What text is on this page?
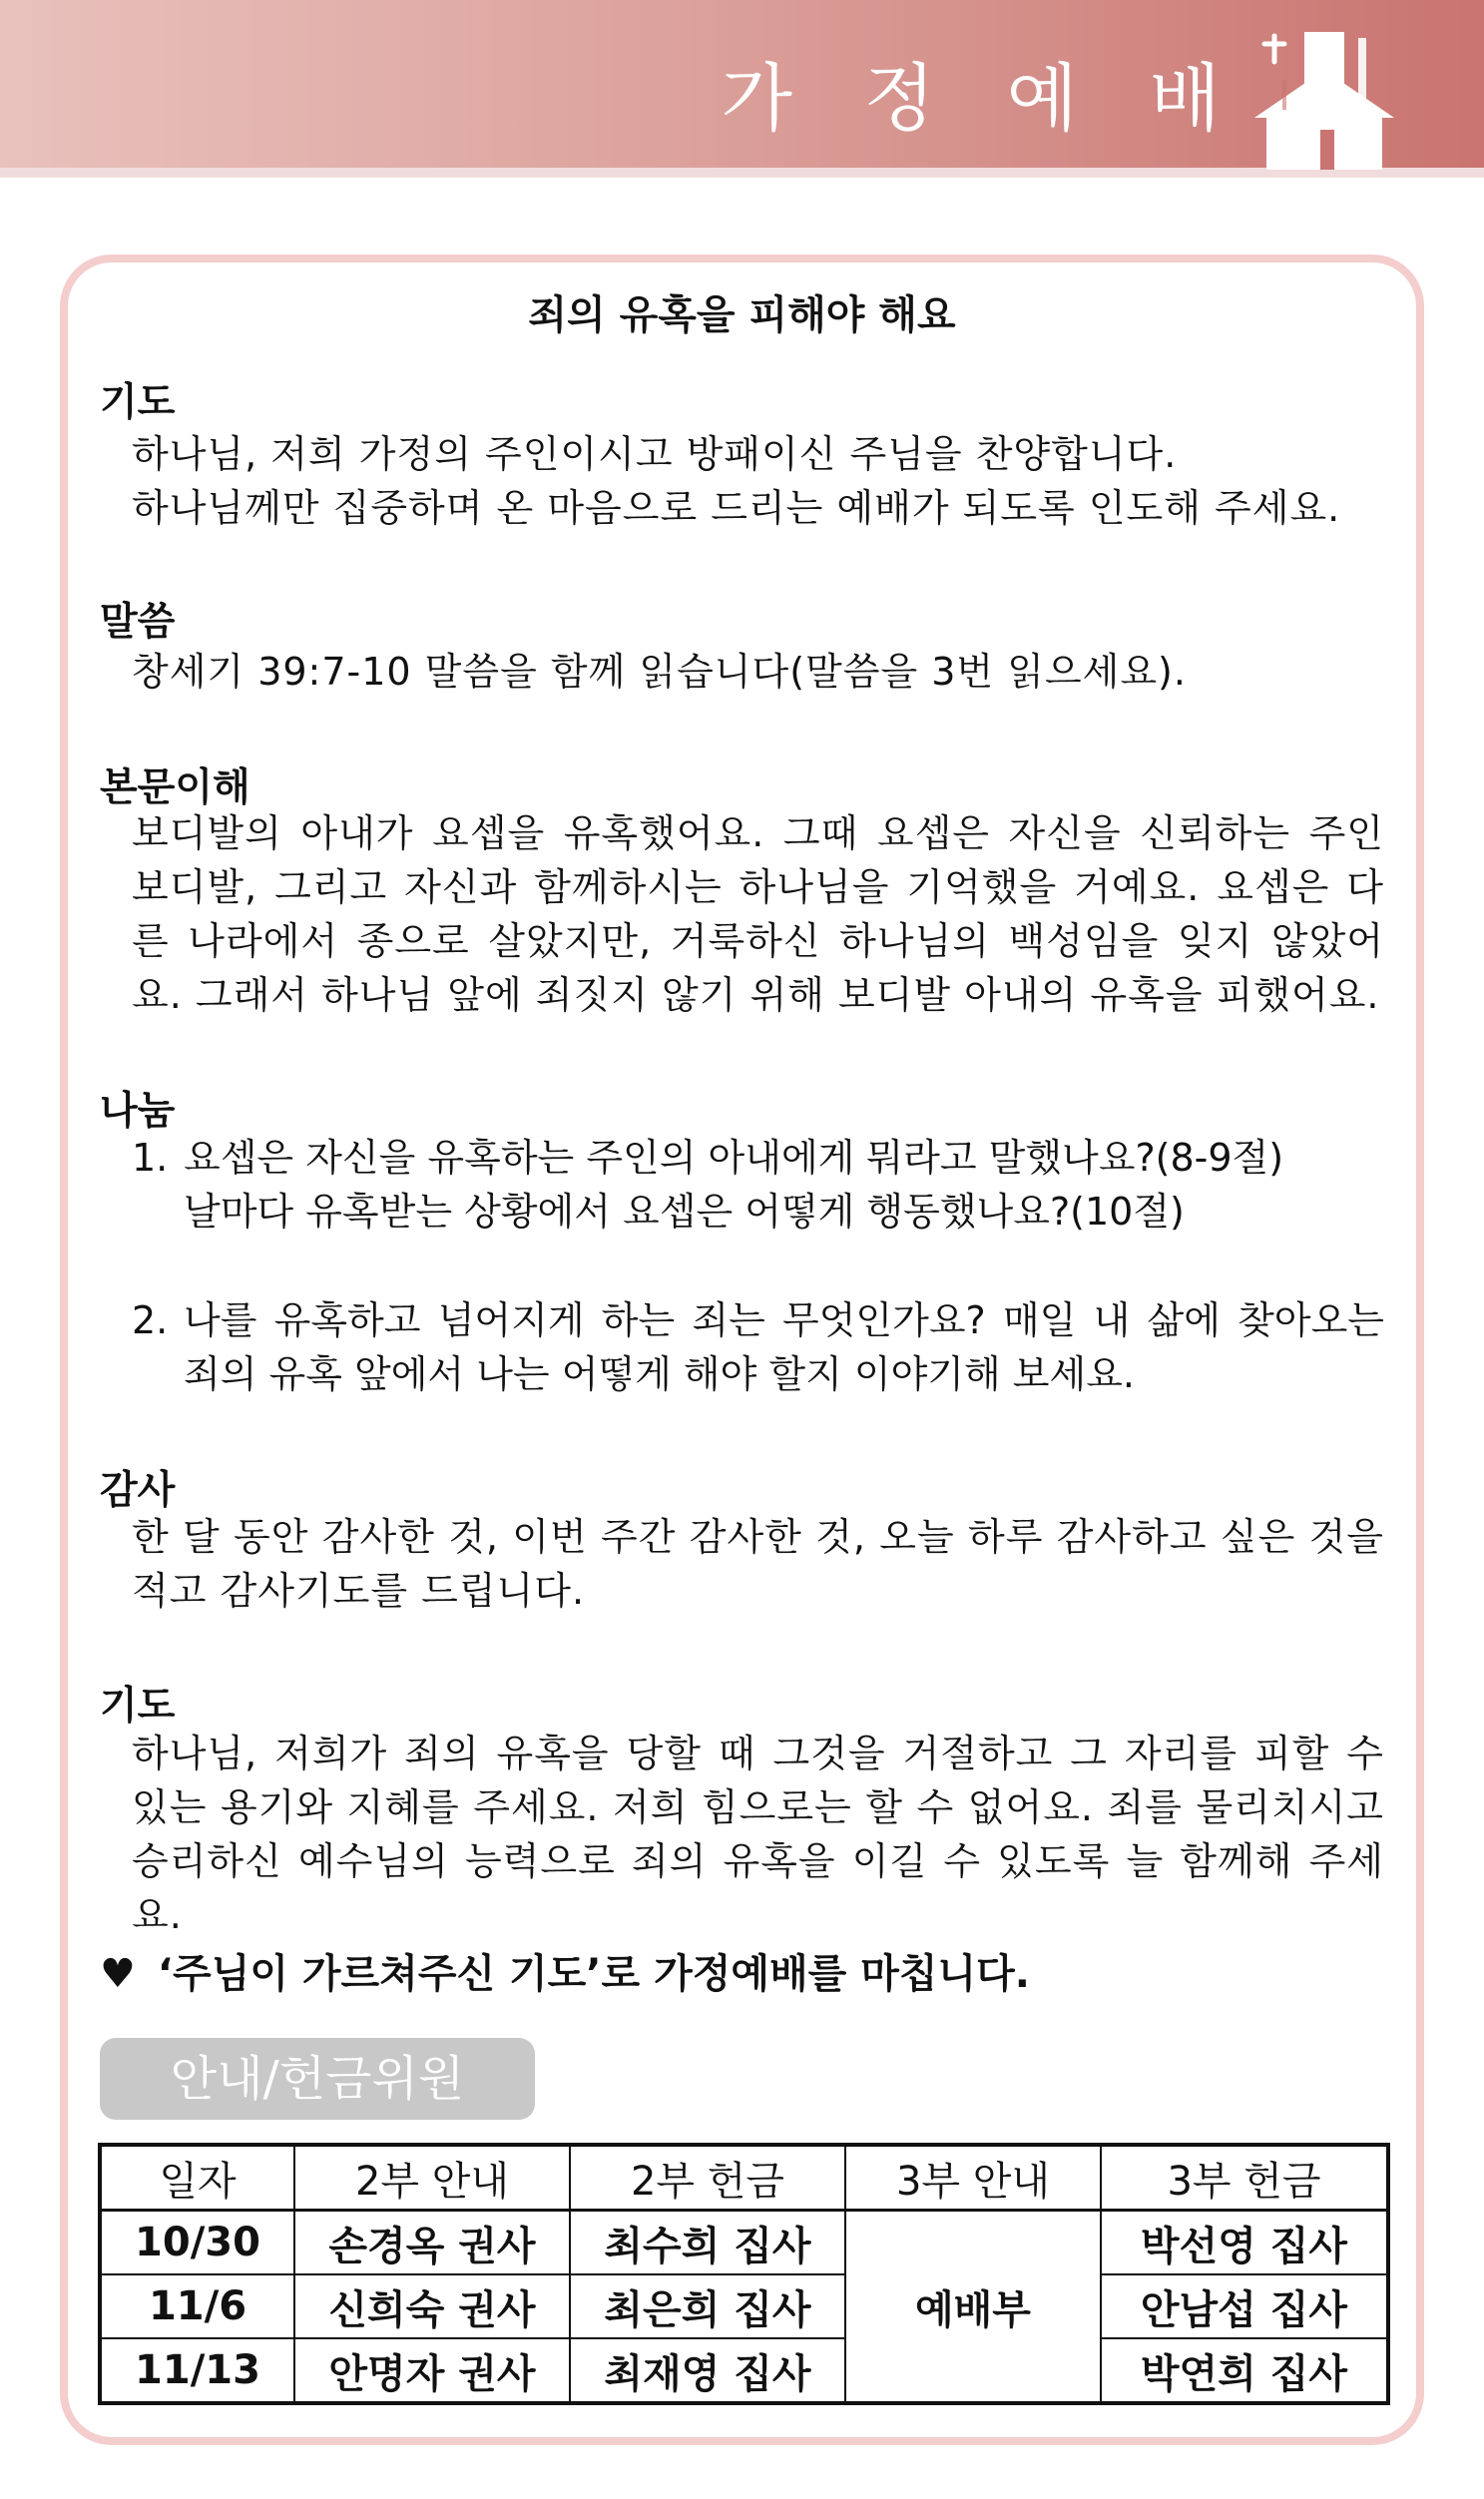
가 정 예 배
죄의 유혹을 피해야 해요
기도

하나님, 저희 가정의 주인이시고 방패이신 주님을 찬양합니다.

하나님께만 집중하며 온 마음으로 드리는 예배가 되도록 인도해 주세요.

말씀
창세기 39:7-10 말씀을 함께 읽습니다(말씀을 3번 읽으세요).
본문이해
보디발의 아내가 요셉을 유혹했어요. 그때 요셉은 자신을 신뢰하는 주인 보디발, 그리고 자신과 함께하시는 하나님을 기억했을 거예요. 요셉은 다른 나라에서 종으로 살았지만, 거룩하신 하나님의 백성임을 잊지 않았어요. 그래서 하나님 앞에 죄짓지 않기 위해 보디발 아내의 유혹을 피했어요.
나눔
1. 요셉은 자신을 유혹하는 주인의 아내에게 뭐라고 말했나요?(8-9절)
날마다 유혹받는 상황에서 요셉은 어떻게 행동했나요?(10절)
2. 나를 유혹하고 넘어지게 하는 죄는 무엇인가요? 매일 내 삶에 찾아오는 죄의 유혹 앞에서 나는 어떻게 해야 할지 이야기해 보세요.
감사
한 달 동안 감사한 것, 이번 주간 감사한 것, 오늘 하루 감사하고 싶은 것을 적고 감사기도를 드립니다.
기도
하나님, 저희가 죄의 유혹을 당할 때 그것을 거절하고 그 자리를 피할 수 있는 용기와 지혜를 주세요. 저희 힘으로는 할 수 없어요. 죄를 물리치시고 승리하신 예수님의 능력으로 죄의 유혹을 이길 수 있도록 늘 함께해 주세요.
♥ ‘주님이 가르쳐주신 기도’로 가정예배를 마칩니다.
안내/헌금위원
일자	2부 안내	2부 헌금	3부 안내	3부 헌금
10/30	손경옥 권사	최수희 집사	예배부	박선영 집사
11/6	신희숙 권사	최은희 집사		안남섭 집사
11/13	안명자 권사	최재영 집사		박연희 집사
